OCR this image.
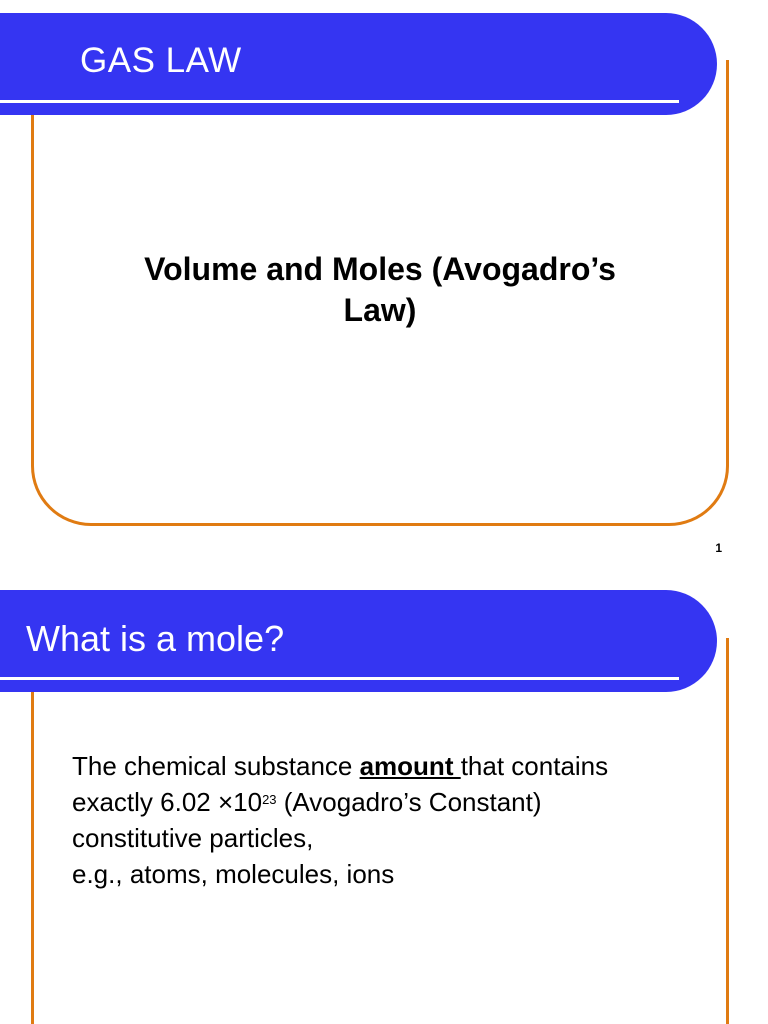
GAS LAW
Volume and Moles (Avogadro’s
Law)
1
What is a mole?
The chemical substance amount that contains
exactly $6.02 \times 10^{23}$ (Avogadro’s Constant)
constitutive particles,
e.g., atoms, molecules, ions
